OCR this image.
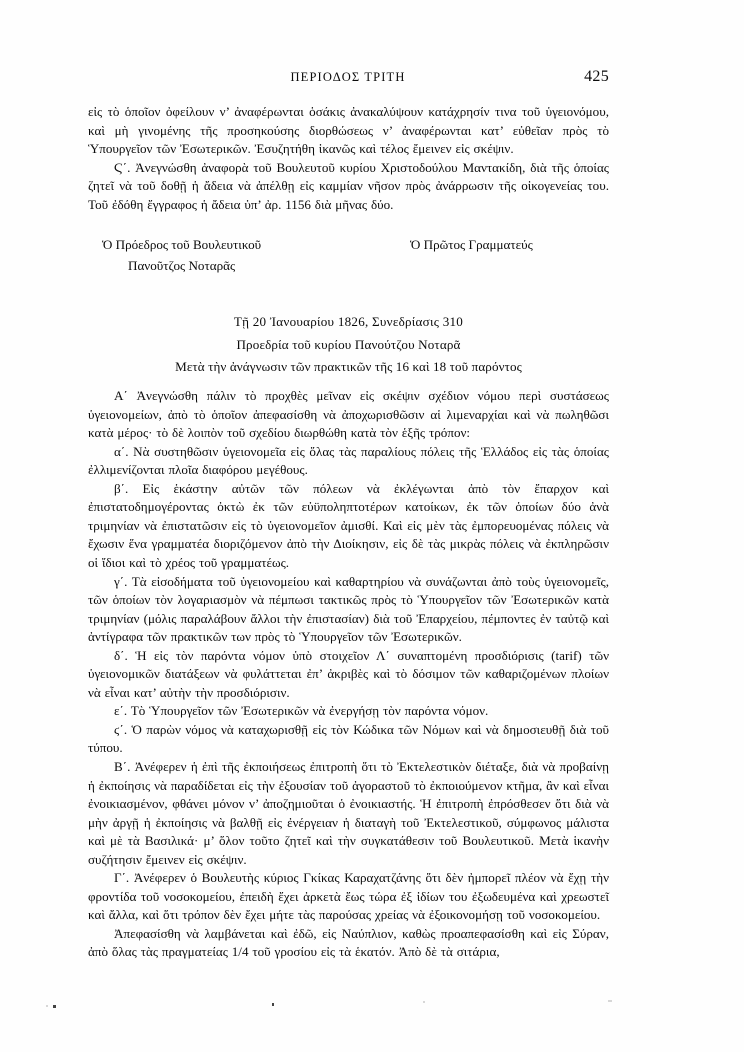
ΠΕΡΙΟΔΟΣ ΤΡΙΤΗ	425

εἰς τὸ ὁποῖον ὀφείλουν ν’ ἀναφέρωνται ὁσάκις ἀνακαλύψουν κατάχρησίν τινα τοῦ ὑγειονόμου, καὶ μὴ γινομένης τῆς προσηκούσης διορθώσεως ν’ ἀναφέρωνται κατ’ εὐθεῖαν πρὸς τὸ Ὑπουργεῖον τῶν Ἐσωτερικῶν. Ἐσυζητήθη ἱκανῶς καὶ τέλος ἔμεινεν εἰς σκέψιν.

Ϛ΄. Ἀνεγνώσθη ἀναφορὰ τοῦ Βουλευτοῦ κυρίου Χριστοδούλου Μαντακίδη, διὰ τῆς ὁποίας ζητεῖ νὰ τοῦ δοθῇ ἡ ἄδεια νὰ ἀπέλθῃ εἰς καμμίαν νῆσον πρὸς ἀνάρρωσιν τῆς οἰκογενείας του. Τοῦ ἐδόθη ἔγγραφος ἡ ἄδεια ὑπ’ ἀρ. 1156 διὰ μῆνας δύο.

Ὁ Πρόεδρος τοῦ Βουλευτικοῦ
Πανοῦτζος Νοταρᾶς
Ὁ Πρῶτος Γραμματεύς
Τῇ 20 Ἰανουαρίου 1826, Συνεδρίασις 310
Προεδρία τοῦ κυρίου Πανούτζου Νοταρᾶ
Μετὰ τὴν ἀνάγνωσιν τῶν πρακτικῶν τῆς 16 καὶ 18 τοῦ παρόντος

Α΄ Ἀνεγνώσθη πάλιν τὸ προχθὲς μεῖναν εἰς σκέψιν σχέδιον νόμου περὶ συστάσεως ὑγειονομείων, ἀπὸ τὸ ὁποῖον ἀπεφασίσθη νὰ ἀποχωρισθῶσιν αἱ λιμεναρχίαι καὶ νὰ πωληθῶσι κατὰ μέρος· τὸ δὲ λοιπὸν τοῦ σχεδίου διωρθώθη κατὰ τὸν ἑξῆς τρόπον:

α΄. Νὰ συστηθῶσιν ὑγειονομεῖα εἰς ὅλας τὰς παραλίους πόλεις τῆς Ἑλλάδος εἰς τὰς ὁποίας ἐλλιμενίζονται πλοῖα διαφόρου μεγέθους.

β΄. Εἰς ἑκάστην αὐτῶν τῶν πόλεων νὰ ἐκλέγωνται ἀπὸ τὸν ἔπαρχον καὶ ἐπιστατοδημογέροντας ὀκτὼ ἐκ τῶν εὐϋποληπτοτέρων κατοίκων, ἐκ τῶν ὁποίων δύο ἀνὰ τριμηνίαν νὰ ἐπιστατῶσιν εἰς τὸ ὑγειονομεῖον ἀμισθί. Καὶ εἰς μὲν τὰς ἐμπορευομένας πόλεις νὰ ἔχωσιν ἕνα γραμματέα διοριζόμενον ἀπὸ τὴν Διοίκησιν, εἰς δὲ τὰς μικρὰς πόλεις νὰ ἐκπληρῶσιν οἱ ἴδιοι καὶ τὸ χρέος τοῦ γραμματέως.

γ΄. Τὰ εἰσοδήματα τοῦ ὑγειονομείου καὶ καθαρτηρίου νὰ συνάζωνται ἀπὸ τοὺς ὑγειονομεῖς, τῶν ὁποίων τὸν λογαριασμὸν νὰ πέμπωσι τακτικῶς πρὸς τὸ Ὑπουργεῖον τῶν Ἐσωτερικῶν κατὰ τριμηνίαν (μόλις παραλάβουν ἄλλοι τὴν ἐπιστασίαν) διὰ τοῦ Ἐπαρχείου, πέμποντες ἐν ταὐτῷ καὶ ἀντίγραφα τῶν πρακτικῶν των πρὸς τὸ Ὑπουργεῖον τῶν Ἐσωτερικῶν.

δ΄. Ἡ εἰς τὸν παρόντα νόμον ὑπὸ στοιχεῖον Λ΄ συναπτομένη προσδιόρισις (tarif) τῶν ὑγειονομικῶν διατάξεων νὰ φυλάττεται ἐπ’ ἀκριβὲς καὶ τὸ δόσιμον τῶν καθαριζομένων πλοίων νὰ εἶναι κατ’ αὐτὴν τὴν προσδιόρισιν.

ε΄. Τὸ Ὑπουργεῖον τῶν Ἐσωτερικῶν νὰ ἐνεργήσῃ τὸν παρόντα νόμον.

ϛ΄. Ὁ παρὼν νόμος νὰ καταχωρισθῇ εἰς τὸν Κώδικα τῶν Νόμων καὶ νὰ δημοσιευθῇ διὰ τοῦ τύπου.

Β΄. Ἀνέφερεν ἡ ἐπὶ τῆς ἐκποιήσεως ἐπιτροπὴ ὅτι τὸ Ἐκτελεστικὸν διέταξε, διὰ νὰ προβαίνῃ ἡ ἐκποίησις νὰ παραδίδεται εἰς τὴν ἐξουσίαν τοῦ ἀγοραστοῦ τὸ ἐκποιούμενον κτῆμα, ἂν καὶ εἶναι ἐνοικιασμένον, φθάνει μόνον ν’ ἀποζημιοῦται ὁ ἐνοικιαστής. Ἡ ἐπιτροπὴ ἐπρόσθεσεν ὅτι διὰ νὰ μὴν ἀργῇ ἡ ἐκποίησις νὰ βαλθῇ εἰς ἐνέργειαν ἡ διαταγὴ τοῦ Ἐκτελεστικοῦ, σύμφωνος μάλιστα καὶ μὲ τὰ Βασιλικά· μ’ ὅλον τοῦτο ζητεῖ καὶ τὴν συγκατάθεσιν τοῦ Βουλευτικοῦ. Μετὰ ἱκανὴν συζήτησιν ἔμεινεν εἰς σκέψιν.

Γ΄. Ἀνέφερεν ὁ Βουλευτὴς κύριος Γκίκας Καραχατζάνης ὅτι δὲν ἠμπορεῖ πλέον νὰ ἔχῃ τὴν φροντίδα τοῦ νοσοκομείου, ἐπειδὴ ἔχει ἀρκετὰ ἕως τώρα ἐξ ἰδίων του ἐξωδευμένα καὶ χρεωστεῖ καὶ ἄλλα, καὶ ὅτι τρόπον δὲν ἔχει μήτε τὰς παρούσας χρείας νὰ ἐξοικονομήσῃ τοῦ νοσοκομείου.

Ἀπεφασίσθη νὰ λαμβάνεται καὶ ἐδῶ, εἰς Ναύπλιον, καθὼς προαπεφασίσθη καὶ εἰς Σύραν, ἀπὸ ὅλας τὰς πραγματείας 1/4 τοῦ γροσίου εἰς τὰ ἑκατόν. Ἀπὸ δὲ τὰ σιτάρια,
